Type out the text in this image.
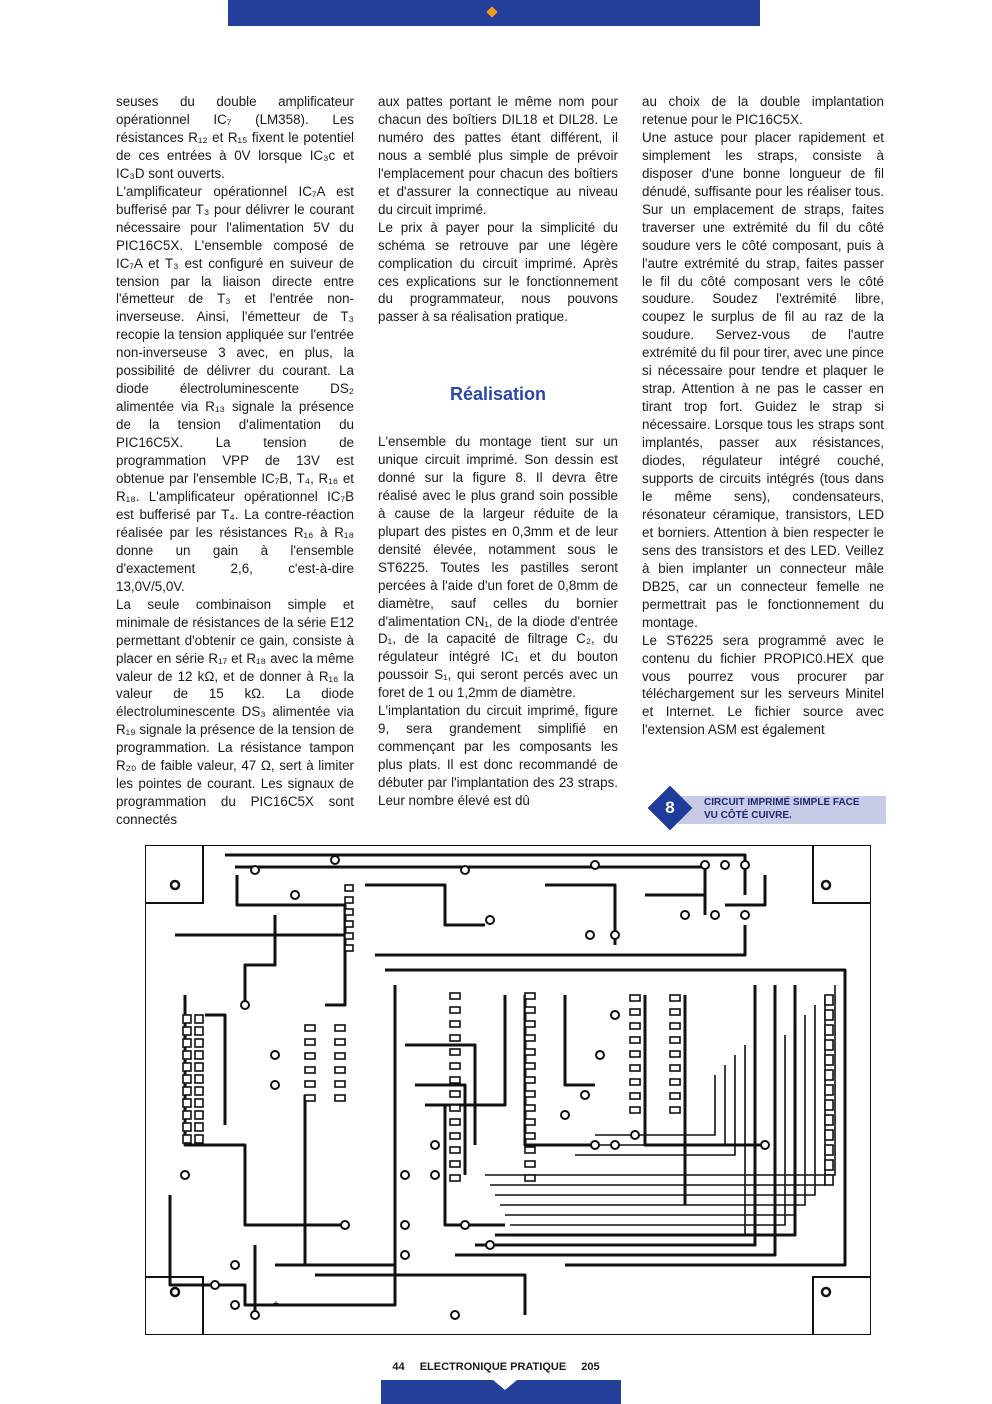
seuses du double amplificateur opérationnel IC₇ (LM358). Les résistances R₁₂ et R₁₅ fixent le potentiel de ces entrées à 0V lorsque IC₃c et IC₃D sont ouverts.

L'amplificateur opérationnel IC₇A est bufferisé par T₃ pour délivrer le courant nécessaire pour l'alimentation 5V du PIC16C5X. L'ensemble composé de IC₇A et T₃ est configuré en suiveur de tension par la liaison directe entre l'émetteur de T₃ et l'entrée non-inverseuse. Ainsi, l'émetteur de T₃ recopie la tension appliquée sur l'entrée non-inverseuse 3 avec, en plus, la possibilité de délivrer du courant. La diode électroluminescente DS₂ alimentée via R₁₃ signale la présence de la tension d'alimentation du PIC16C5X. La tension de programmation VPP de 13V est obtenue par l'ensemble IC₇B, T₄, R₁₆ et R₁₈. L'amplificateur opérationnel IC₇B est bufferisé par T₄. La contre-réaction réalisée par les résistances R₁₆ à R₁₈ donne un gain à l'ensemble d'exactement 2,6, c'est-à-dire 13,0V/5,0V.

La seule combinaison simple et minimale de résistances de la série E12 permettant d'obtenir ce gain, consiste à placer en série R₁₇ et R₁₈ avec la même valeur de 12 kΩ, et de donner à R₁₆ la valeur de 15 kΩ. La diode électroluminescente DS₃ alimentée via R₁₉ signale la présence de la tension de programmation. La résistance tampon R₂₀ de faible valeur, 47 Ω, sert à limiter les pointes de courant. Les signaux de programmation du PIC16C5X sont connectés

aux pattes portant le même nom pour chacun des boîtiers DIL18 et DIL28. Le numéro des pattes étant différent, il nous a semblé plus simple de prévoir l'emplacement pour chacun des boîtiers et d'assurer la connectique au niveau du circuit imprimé.

Le prix à payer pour la simplicité du schéma se retrouve par une légère complication du circuit imprimé. Après ces explications sur le fonctionnement du programmateur, nous pouvons passer à sa réalisation pratique.

Réalisation

L'ensemble du montage tient sur un unique circuit imprimé. Son dessin est donné sur la figure 8. Il devra être réalisé avec le plus grand soin possible à cause de la largeur réduite de la plupart des pistes en 0,3mm et de leur densité élevée, notamment sous le ST6225. Toutes les pastilles seront percées à l'aide d'un foret de 0,8mm de diamètre, sauf celles du bornier d'alimentation CN₁, de la diode d'entrée D₁, de la capacité de filtrage C₂, du régulateur intégré IC₁ et du bouton poussoir S₁, qui seront percés avec un foret de 1 ou 1,2mm de diamètre.

L'implantation du circuit imprimé, figure 9, sera grandement simplifié en commençant par les composants les plus plats. Il est donc recommandé de débuter par l'implantation des 23 straps. Leur nombre élevé est dû

au choix de la double implantation retenue pour le PIC16C5X.

Une astuce pour placer rapidement et simplement les straps, consiste à disposer d'une bonne longueur de fil dénudé, suffisante pour les réaliser tous. Sur un emplacement de straps, faites traverser une extrémité du fil du côté soudure vers le côté composant, puis à l'autre extrémité du strap, faites passer le fil du côté composant vers le côté soudure. Soudez l'extrémité libre, coupez le surplus de fil au raz de la soudure. Servez-vous de l'autre extrémité du fil pour tirer, avec une pince si nécessaire pour tendre et plaquer le strap. Attention à ne pas le casser en tirant trop fort. Guidez le strap si nécessaire. Lorsque tous les straps sont implantés, passer aux résistances, diodes, régulateur intégré couché, supports de circuits intégrés (tous dans le même sens), condensateurs, résonateur céramique, transistors, LED et borniers. Attention à bien respecter le sens des transistors et des LED. Veillez à bien implanter un connecteur mâle DB25, car un connecteur femelle ne permettrait pas le fonctionnement du montage.

Le ST6225 sera programmé avec le contenu du fichier PROPIC0.HEX que vous pourrez vous procurer par téléchargement sur les serveurs Minitel et Internet. Le fichier source avec l'extension ASM est également

8	CIRCUIT IMPRIMÉ SIMPLE FACE
VU CÔTÉ CUIVRE.
+
44 ELECTRONIQUE PRATIQUE 205
